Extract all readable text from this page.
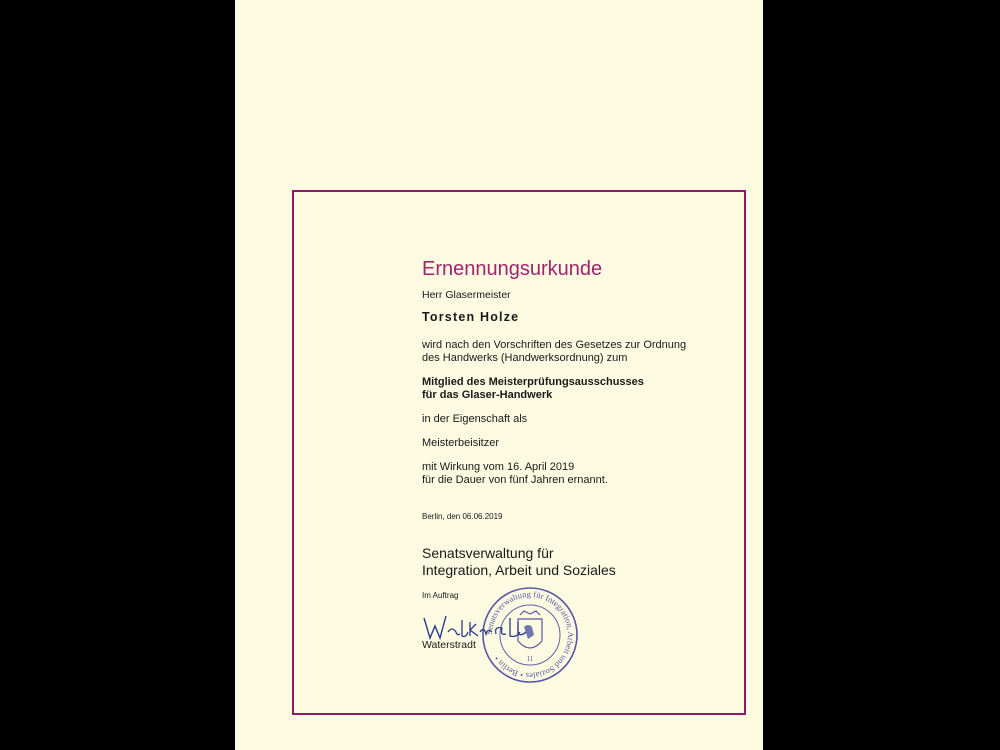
Ernennungsurkunde
Herr Glasermeister
Torsten Holze
wird nach den Vorschriften des Gesetzes zur Ordnung
des Handwerks (Handwerksordnung) zum
Mitglied des Meisterprüfungsausschusses
für das Glaser-Handwerk
in der Eigenschaft als
Meisterbeisitzer
mit Wirkung vom 16. April 2019
für die Dauer von fünf Jahren ernannt.
Berlin, den 06.06.2019
Senatsverwaltung für
Integration, Arbeit und Soziales
Im Auftrag
Waterstradt
Senatsverwaltung für Integration, Arbeit und Soziales • Berlin •	11
